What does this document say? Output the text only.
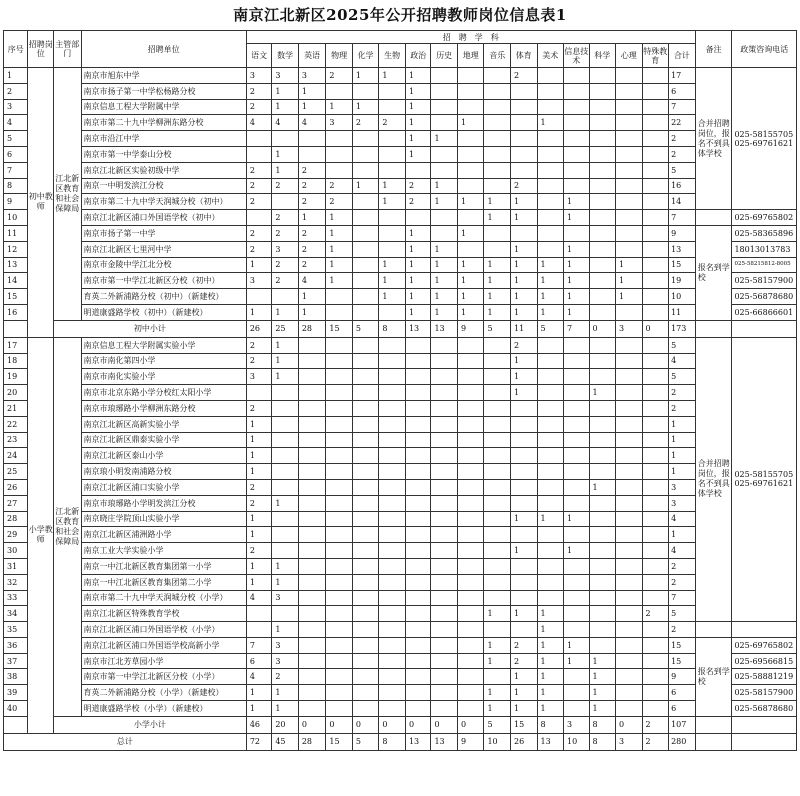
南京江北新区2025年公开招聘教师岗位信息表1
序号	招聘岗位	主管部门	招聘单位	招　聘　学　科																	备注	政策咨询电话
				语文	数学	英语	物理	化学	生物	政治	历史	地理	音乐	体育	美术	信息技术	科学	心理	特殊教育	合计		
1	初中教师	江北新区教育和社会保障局	南京市旭东中学	3	3	3	2	1	1	1				2						17	合并招聘岗位，报名不到具体学校	025-58155705
025-69761621
2			南京市扬子第一中学松杨路分校	2	1	1				1										6		
3			南京信息工程大学附属中学	2	1	1	1	1		1										7		
4			南京市第二十九中学柳洲东路分校	4	4	4	3	2	2	1		1			1					22		
5			南京市沿江中学							1	1									2		
6			南京市第一中学泰山分校		1					1										2		
7			南京江北新区实验初级中学	2	1	2														5		
8			南京一中明发滨江分校	2	2	2	2	1	1	2	1			2						16		
9			南京市第二十九中学天润城分校（初中）	2		2	2		1	2	1	1	1	1		1				14		
10			南京江北新区浦口外国语学校（初中）		2	1	1						1	1		1				7		025-69765802
11			南京市扬子第一中学	2	2	2	1			1		1								9	报名到学校	025-58365896
12			南京江北新区七里河中学	2	3	2	1			1	1			1		1				13		18013013783
13			南京市金陵中学江北分校	1	2	2	1		1	1	1	1	1	1	1	1		1		15		025-58215812-8005
14			南京市第一中学江北新区分校（初中）	3	2	4	1		1	1	1	1	1	1	1	1		1		19		025-58157900
15			育英二外新浦路分校（初中）（新建校）			1			1	1	1	1	1	1	1	1		1		10		025-56878680
16			明道康盛路学校（初中）（新建校）	1	1	1				1	1	1	1	1	1	1				11		025-66866601
		初中小计		26	25	28	15	5	8	13	13	9	5	11	5	7	0	3	0	173		
17	小学教师	江北新区教育和社会保障局	南京信息工程大学附属实验小学	2	1									2						5	合并招聘岗位，报名不到具体学校	025-58155705
025-69761621
18			南京市南化第四小学	2	1									1						4		
19			南京市南化实验小学	3	1									1						5		
20			南京市北京东路小学分校红太阳小学											1			1			2		
21			南京市琅琊路小学柳洲东路分校	2																2		
22			南京江北新区高新实验小学	1																1		
23			南京江北新区鼎泰实验小学	1																1		
24			南京江北新区泰山小学	1																1		
25			南京琅小明发南浦路分校	1																1		
26			南京江北新区浦口实验小学	2													1			3		
27			南京市琅琊路小学明发滨江分校	2	1															3		
28			南京晓庄学院顶山实验小学	1										1	1	1				4		
29			南京江北新区浦洲路小学	1																1		
30			南京工业大学实验小学	2										1		1				4		
31			南京一中江北新区教育集团第一小学	1	1															2		
32			南京一中江北新区教育集团第二小学	1	1															2		
33			南京市第二十九中学天润城分校（小学）	4	3															7		
34			南京江北新区特殊教育学校										1	1	1				2	5		
35			南京江北新区浦口外国语学校（小学）		1										1					2		
36			南京江北新区浦口外国语学校高新小学	7	3								1	2	1	1				15	报名到学校	025-69765802
37			南京市江北芳草园小学	6	3								1	2	1	1	1			15		025-69566815
38			南京市第一中学江北新区分校（小学）	4	2									1	1		1			9		025-58881219
39			育英二外新浦路分校（小学）（新建校）	1	1								1	1	1		1			6		025-58157900
40			明道康盛路学校（小学）（新建校）	1	1								1	1	1		1			6		025-56878680
		小学小计		46	20	0	0	0	0	0	0	0	5	15	8	3	8	0	2	107		
总计				72	45	28	15	5	8	13	13	9	10	26	13	10	8	3	2	280		
